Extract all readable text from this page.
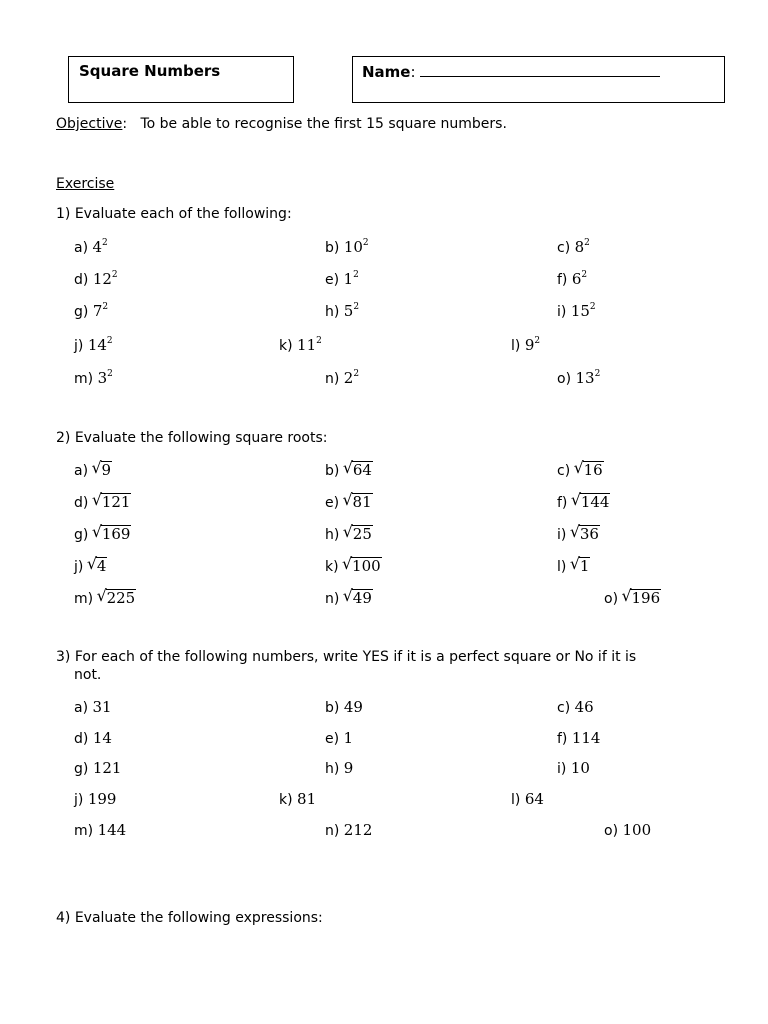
Square Numbers	Name:
Objective: To be able to recognise the first 15 square numbers.
Exercise
1) Evaluate each of the following:
a) $4^2$	b) $10^2$	c) $8^2$
d) $12^2$	e) $1^2$	f) $6^2$
g) $7^2$	h) $5^2$	i) $15^2$
j) $14^2$	k) $11^2$	l) $9^2$
m) $3^2$	n) $2^2$	o) $13^2$
2) Evaluate the following square roots:
a) √ 9	b) √ 64	c) √ 16
d) √ 121	e) √ 81	f) √ 144
g) √ 169	h) √ 25	i) √ 36
j) √ 4	k) √ 100	l) √ 1
m) √ 225	n) √ 49	o) √ 196
3) For each of the following numbers, write YES if it is a perfect square or No if it is
not.
a) 31	b) 49	c) 46
d) 14	e) 1	f) 114
g) 121	h) 9	i) 10
j) 199	k) 81	l) 64
m) 144	n) 212	o) 100
4) Evaluate the following expressions:
